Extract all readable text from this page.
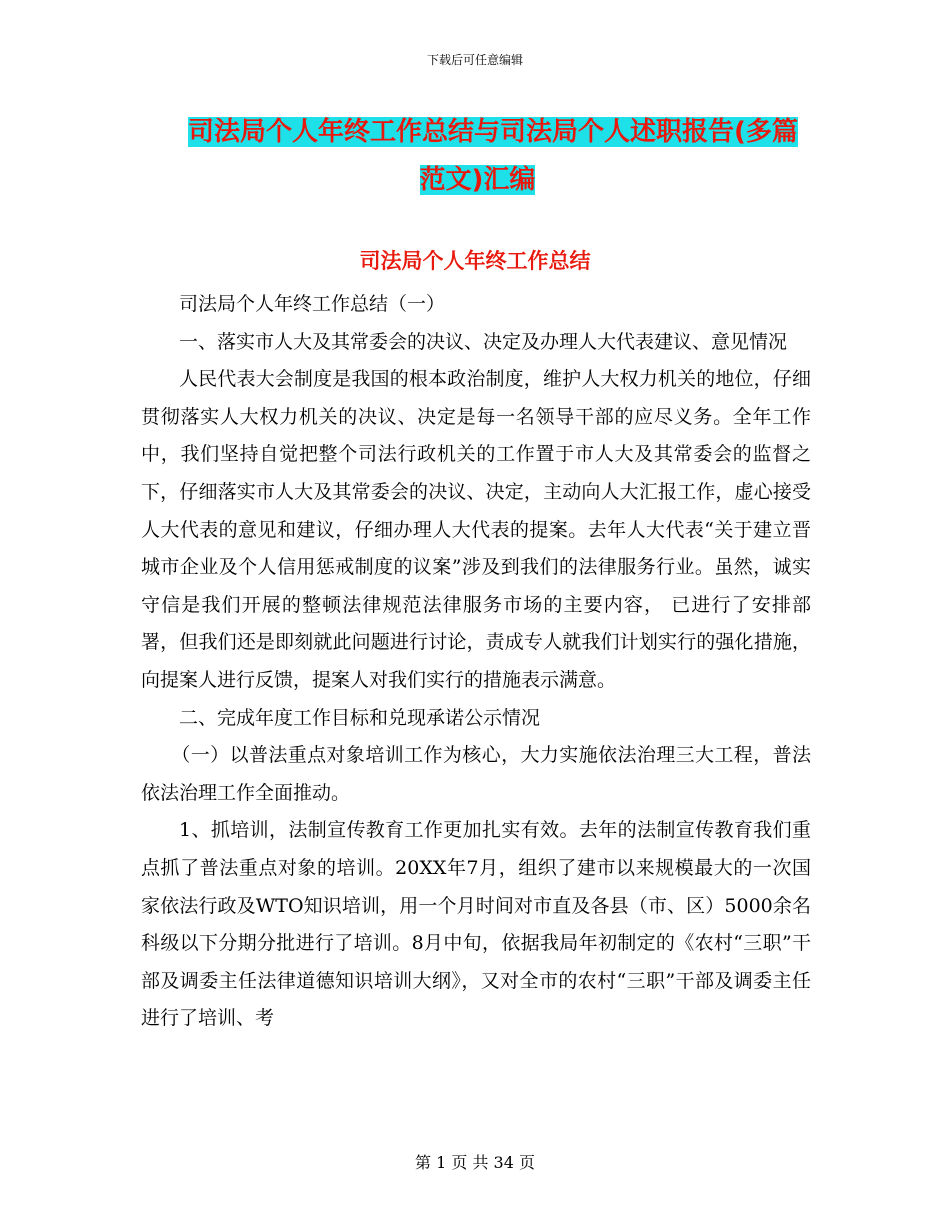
下载后可任意编辑
司法局个人年终工作总结与司法局个人述职报告(多篇
范文)汇编
司法局个人年终工作总结

司法局个人年终工作总结（一）

一、落实市人大及其常委会的决议、决定及办理人大代表建议、意见情况

人民代表大会制度是我国的根本政治制度，维护人大权力机关的地位，仔细贯彻落实人大权力机关的决议、决定是每一名领导干部的应尽义务。全年工作中，我们坚持自觉把整个司法行政机关的工作置于市人大及其常委会的监督之下，仔细落实市人大及其常委会的决议、决定，主动向人大汇报工作，虚心接受人大代表的意见和建议，仔细办理人大代表的提案。去年人大代表“关于建立晋城市企业及个人信用惩戒制度的议案”涉及到我们的法律服务行业。虽然，诚实守信是我们开展的整顿法律规范法律服务市场的主要内容， 已进行了安排部署，但我们还是即刻就此问题进行讨论，责成专人就我们计划实行的强化措施，向提案人进行反馈，提案人对我们实行的措施表示满意。

二、完成年度工作目标和兑现承诺公示情况

（一）以普法重点对象培训工作为核心，大力实施依法治理三大工程，普法依法治理工作全面推动。

1、抓培训，法制宣传教育工作更加扎实有效。去年的法制宣传教育我们重点抓了普法重点对象的培训。20XX年7月，组织了建市以来规模最大的一次国家依法行政及WTO知识培训，用一个月时间对市直及各县（市、区）5000余名科级以下分期分批进行了培训。8月中旬，依据我局年初制定的《农村“三职”干部及调委主任法律道德知识培训大纲》，又对全市的农村“三职”干部及调委主任进行了培训、考

第 1 页 共 34 页
